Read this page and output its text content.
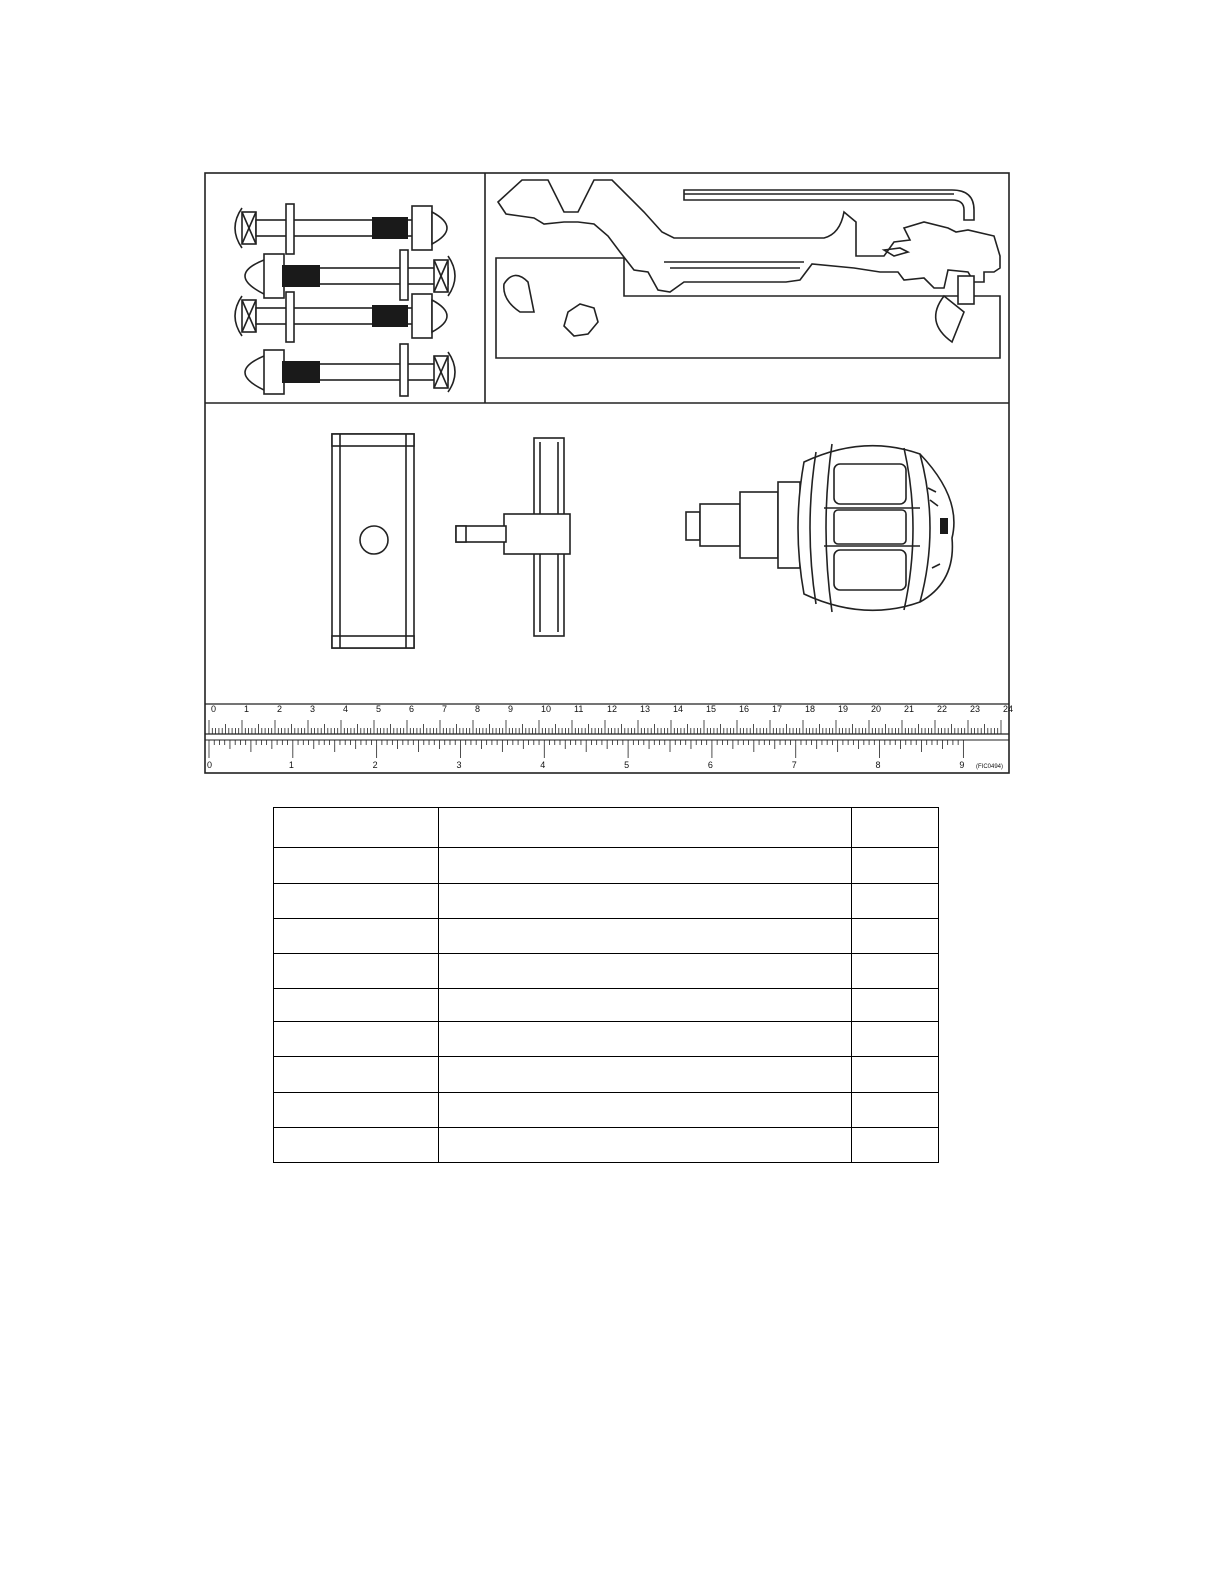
0	1	2	3	4	5	6	7	8	9	10	11	12	13	14	15	16	17	18	19	20	21	22	23	24
0	1	2	3	4	5	6	7	8	9 (FIC0494)
